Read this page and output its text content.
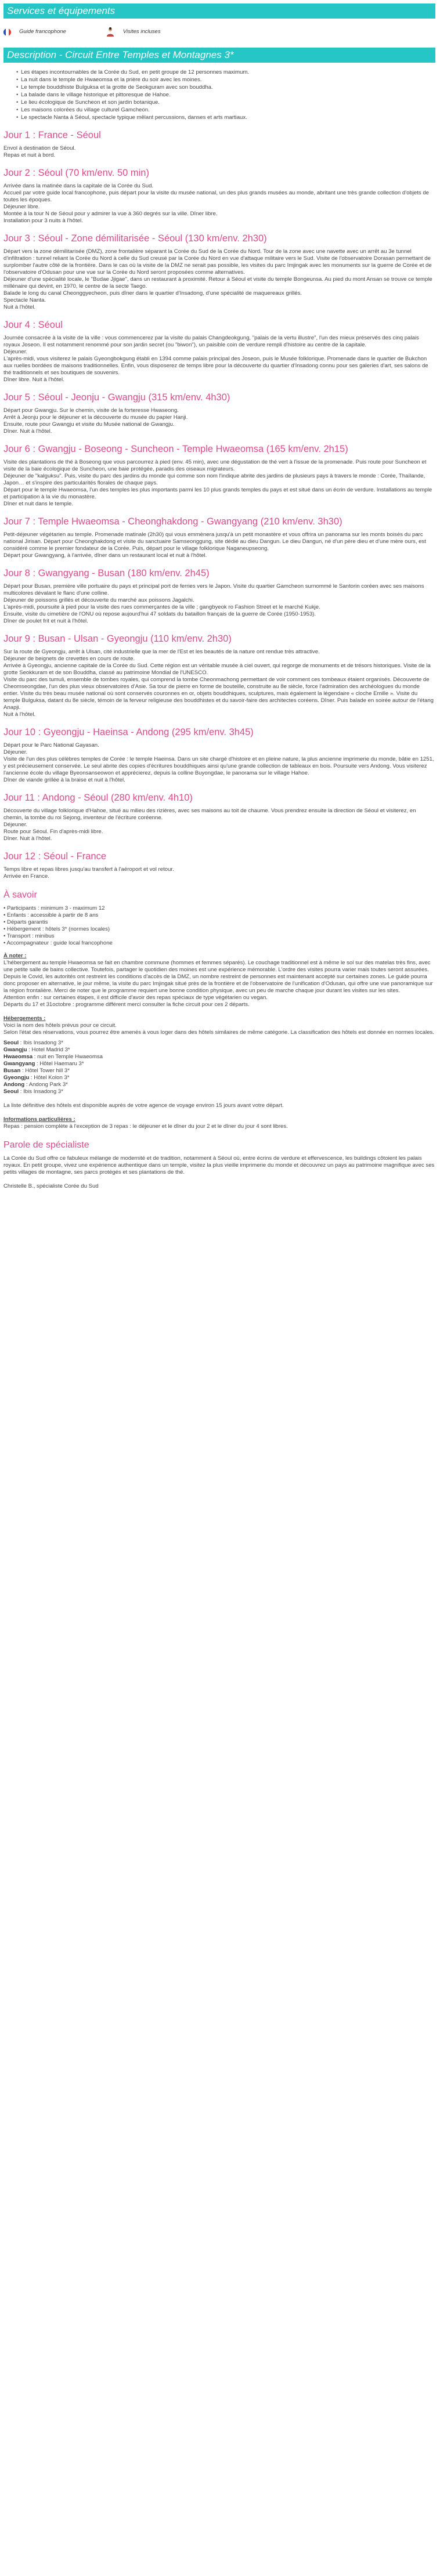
Services et équipements
Guide francophone	Visites incluses
Description - Circuit Entre Temples et Montagnes 3*
• Les étapes incontournables de la Corée du Sud, en petit groupe de 12 personnes maximum.
• La nuit dans le temple de Hwaeomsa et la prière du soir avec les moines.
• Le temple bouddhiste Bulguksa et la grotte de Seokguram avec son bouddha.
• La balade dans le village historique et pittoresque de Hahoe.
• Le lieu écologique de Suncheon et son jardin botanique.
• Les maisons colorées du village culturel Gamcheon.
• Le spectacle Nanta à Séoul, spectacle typique mêlant percussions, danses et arts martiaux.
Jour 1 : France - Séoul

Envol à destination de Séoul.

Repas et nuit à bord.

Jour 2 : Séoul (70 km/env. 50 min)

Arrivée dans la matinée dans la capitale de la Corée du Sud.

Accueil par votre guide local francophone, puis départ pour la visite du musée national, un des plus grands musées au monde, abritant une très grande collection d'objets de toutes les époques.

Déjeuner libre.

Montée à la tour N de Séoul pour y admirer la vue à 360 degrés sur la ville. Dîner libre.

Installation pour 3 nuits à l'hôtel.

Jour 3 : Séoul - Zone démilitarisée - Séoul (130 km/env. 2h30)

Départ vers la zone démilitarisée (DMZ), zone frontalière séparant la Corée du Sud de la Corée du Nord. Tour de la zone avec une navette avec un arrêt au 3e tunnel d'infiltration : tunnel reliant la Corée du Nord à celle du Sud creusé par la Corée du Nord en vue d'attaque militaire vers le Sud. Visite de l'observatoire Dorasan permettant de surplomber l'autre côté de la frontière. Dans le cas où la visite de la DMZ ne serait pas possible, les visites du parc Imjingak avec les monuments sur la guerre de Corée et de l'observatoire d'Odusan pour une vue sur la Corée du Nord seront proposées comme alternatives.

Déjeuner d'une spécialité locale, le "Budae Jjigae", dans un restaurant à proximité. Retour à Séoul et visite du temple Bongeunsa. Au pied du mont Ansan se trouve ce temple millénaire qui devint, en 1970, le centre de la secte Taego.

Balade le long du canal Cheonggyecheon, puis dîner dans le quartier d'Insadong, d'une spécialité de maquereaux grillés.

Spectacle Nanta.

Nuit à l'hôtel.

Jour 4 : Séoul

Journée consacrée à la visite de la ville : vous commencerez par la visite du palais Changdeokgung, "palais de la vertu illustre", l'un des mieux préservés des cinq palais royaux Joseon. Il est notamment renommé pour son jardin secret (ou "biwon"), un paisible coin de verdure rempli d'histoire au centre de la capitale.

Déjeuner.

L'après-midi, vous visiterez le palais Gyeongbokgung établi en 1394 comme palais principal des Joseon, puis le Musée folklorique. Promenade dans le quartier de Bukchon aux ruelles bordées de maisons traditionnelles. Enfin, vous disposerez de temps libre pour la découverte du quartier d'Insadong connu pour ses galeries d'art, ses salons de thé traditionnels et ses boutiques de souvenirs.

Dîner libre. Nuit à l'hôtel.

Jour 5 : Séoul - Jeonju - Gwangju (315 km/env. 4h30)

Départ pour Gwangju. Sur le chemin, visite de la forteresse Hwaseong.

Arrêt à Jeonju pour le déjeuner et la découverte du musée du papier Hanji.

Ensuite, route pour Gwangju et visite du Musée national de Gwangju.

Dîner. Nuit à l'hôtel.

Jour 6 : Gwangju - Boseong - Suncheon - Temple Hwaeomsa (165 km/env. 2h15)

Visite des plantations de thé à Boseong que vous parcourrez à pied (env. 45 min), avec une dégustation de thé vert à l'issue de la promenade. Puis route pour Suncheon et visite de la baie écologique de Suncheon, une baie protégée, paradis des oiseaux migrateurs.

Déjeuner de "kalguksu". Puis, visite du parc des jardins du monde qui comme son nom l'indique abrite des jardins de plusieurs pays à travers le monde : Corée, Thaïlande, Japon… et s'inspire des particularités florales de chaque pays.

Départ pour le temple Hwaeomsa, l'un des temples les plus importants parmi les 10 plus grands temples du pays et est situé dans un écrin de verdure. Installations au temple et participation à la vie du monastère.

Dîner et nuit dans le temple.

Jour 7 : Temple Hwaeomsa - Cheonghakdong - Gwangyang (210 km/env. 3h30)

Petit-déjeuner végétarien au temple. Promenade matinale (2h30) qui vous emmènera jusqu'à un petit monastère et vous offrira un panorama sur les monts boisés du parc national Jirisan. Départ pour Cheonghakdong et visite du sanctuaire Samseonggung, site dédié au dieu Dangun. Le dieu Dangun, né d'un père dieu et d'une mère ours, est considéré comme le premier fondateur de la Corée. Puis, départ pour le village folklorique Naganeupseong.

Départ pour Gwangyang, à l'arrivée, dîner dans un restaurant local et nuit à l'hôtel.

Jour 8 : Gwangyang - Busan (180 km/env. 2h45)

Départ pour Busan, première ville portuaire du pays et principal port de ferries vers le Japon. Visite du quartier Gamcheon surnommé le Santorin coréen avec ses maisons multicolores dévalant le flanc d'une colline.

Déjeuner de poissons grillés et découverte du marché aux poissons Jagalchi.

L'après-midi, poursuite à pied pour la visite des rues commerçantes de la ville ; gangbyeok ro Fashion Street et le marché Kukje.

Ensuite, visite du cimetière de l'ONU où repose aujourd'hui 47 soldats du bataillon français de la guerre de Corée (1950-1953).

Dîner de poulet frit et nuit à l'hôtel.

Jour 9 : Busan - Ulsan - Gyeongju (110 km/env. 2h30)

Sur la route de Gyeongju, arrêt à Ulsan, cité industrielle que la mer de l'Est et les beautés de la nature ont rendue très attractive.

Déjeuner de beignets de crevettes en cours de route.

Arrivée à Gyeongju, ancienne capitale de la Corée du Sud. Cette région est un véritable musée à ciel ouvert, qui regorge de monuments et de trésors historiques. Visite de la grotte Seokkuram et de son Bouddha, classé au patrimoine Mondial de l'UNESCO.

Visite du parc des tumuli, ensemble de tombes royales, qui comprend la tombe Cheonmachong permettant de voir comment ces tombeaux étaient organisés. Découverte de Cheomseongdae, l'un des plus vieux observatoires d'Asie. Sa tour de pierre en forme de bouteille, construite au 8e siècle, force l'admiration des archéologues du monde entier. Visite du très beau musée national où sont conservés couronnes en or, objets bouddhiques, sculptures, mais également la légendaire « cloche Emille ». Visite du temple Bulguksa, datant du 8e siècle, témoin de la ferveur religieuse des bouddhistes et du savoir-faire des architectes coréens. Dîner. Puis balade en soirée autour de l'étang Anapji.

Nuit à l'hôtel.

Jour 10 : Gyeongju - Haeinsa - Andong (295 km/env. 3h45)

Départ pour le Parc National Gayasan.

Déjeuner.

Visite de l'un des plus célèbres temples de Corée : le temple Haeinsa. Dans un site chargé d'histoire et en pleine nature, la plus ancienne imprimerie du monde, bâtie en 1251, y est précieusement conservée. Le seul abrite des copies d'écritures bouddhiques ainsi qu'une grande collection de tableaux en bois. Poursuite vers Andong. Vous visiterez l'ancienne école du village Byeonsanseowon et apprécierez, depuis la colline Buyongdae, le panorama sur le village Hahoe.

Dîner de viande grillée à la braise et nuit à l'hôtel.

Jour 11 : Andong - Séoul (280 km/env. 4h10)

Découverte du village folklorique d'Hahoe, situé au milieu des rizières, avec ses maisons au toit de chaume. Vous prendrez ensuite la direction de Séoul et visiterez, en chemin, la tombe du roi Sejong, inventeur de l'écriture coréenne.

Déjeuner.

Route pour Séoul. Fin d'après-midi libre.

Dîner. Nuit à l'hôtel.

Jour 12 : Séoul - France

Temps libre et repas libres jusqu'au transfert à l'aéroport et vol retour.

Arrivée en France.

À savoir
• Participants : minimum 3 - maximum 12
• Enfants : accessible à partir de 8 ans
• Départs garantis
• Hébergement : hôtels 3* (normes locales)
• Transport : minibus
• Accompagnateur : guide local francophone

À noter :

L'hébergement au temple Hwaeomsa se fait en chambre commune (hommes et femmes séparés). Le couchage traditionnel est à même le sol sur des matelas très fins, avec une petite salle de bains collective. Toutefois, partager le quotidien des moines est une expérience mémorable. L'ordre des visites pourra varier mais toutes seront assurées.

Depuis le Covid, les autorités ont restreint les conditions d'accès de la DMZ, un nombre restreint de personnes est maintenant accepté sur certaines zones. Le guide pourra donc proposer en alternative, le jour même, la visite du parc Imjingak situé près de la frontière et de l'observatoire de l'unification d'Odusan, qui offre une vue panoramique sur la région frontalière. Merci de noter que le programme requiert une bonne condition physique, avec un peu de marche chaque jour durant les visites sur les sites.

Attention enfin : sur certaines étapes, il est difficile d'avoir des repas spéciaux de type végétarien ou vegan.

Départs du 17 et 31octobre : programme différent merci consulter la fiche circuit pour ces 2 départs.

Hébergements :

Voici la nom des hôtels prévus pour ce circuit.

Selon l'état des réservations, vous pourrez être amenés à vous loger dans des hôtels similaires de même catégorie. La classification des hôtels est donnée en normes locales.

Seoul : Ibis Insadong 3*

Gwangju : Hotel Madrid 3*

Hwaeomsa : nuit en Temple Hwaeomsa

Gwangyang : Hôtel Haemaru 3*

Busan : Hôtel Tower hill 3*

Gyeongju : Hôtel Kolon 3*

Andong : Andong Park 3*

Seoul : Ibis Insadong 3*

La liste définitive des hôtels est disponible auprès de votre agence de voyage environ 15 jours avant votre départ.

Informations particulières :

Repas : pension complète à l'exception de 3 repas : le déjeuner et le dîner du jour 2 et le dîner du jour 4 sont libres.

Parole de spécialiste

La Corée du Sud offre ce fabuleux mélange de modernité et de tradition, notamment à Séoul où, entre écrins de verdure et effervescence, les buildings côtoient les palais royaux. En petit groupe, vivez une expérience authentique dans un temple, visitez la plus vieille imprimerie du monde et découvrez un pays au patrimoine magnifique avec ses petits villages de montagne, ses parcs protégés et ses plantations de thé.

Christelle B., spécialiste Corée du Sud
